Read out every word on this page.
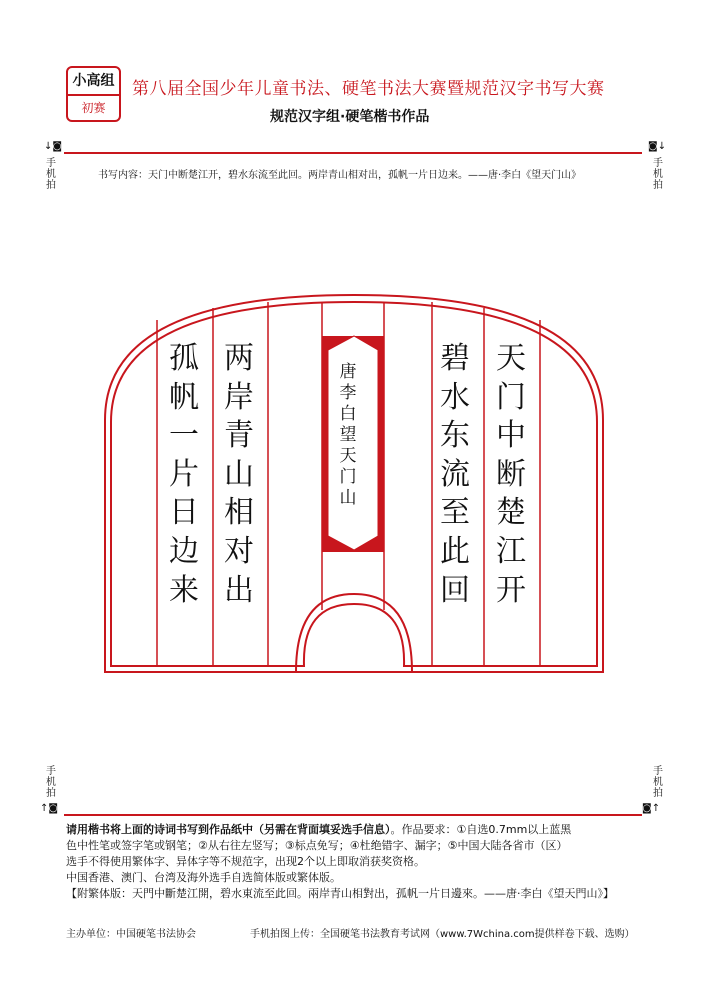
小高组
初赛
第八届全国少年儿童书法、硬笔书法大赛暨规范汉字书写大赛
规范汉字组·硬笔楷书作品
↓◙
手机拍
◙↓
手机拍
书写内容：天门中断楚江开，碧水东流至此回。两岸青山相对出，孤帆一片日边来。——唐·李白《望天门山》
天门中断楚江开
碧水东流至此回
两岸青山相对出
孤帆一片日边来
唐李白望天门山
手机拍
↑◙
手机拍
◙↑

请用楷书将上面的诗词书写到作品纸中（另需在背面填妥选手信息）。作品要求：①自选0.7mm以上蓝黑

色中性笔或签字笔或钢笔；②从右往左竖写；③标点免写；④杜绝错字、漏字；⑤中国大陆各省市（区）

选手不得使用繁体字、异体字等不规范字，出现2个以上即取消获奖资格。

中国香港、澳门、台湾及海外选手自选简体版或繁体版。

【附繁体版：天門中斷楚江開，碧水東流至此回。兩岸青山相對出，孤帆一片日邊來。——唐·李白《望天門山》】

主办单位：中国硬笔书法协会	手机拍图上传：全国硬笔书法教育考试网（www.7Wchina.com提供样卷下载、选购）
